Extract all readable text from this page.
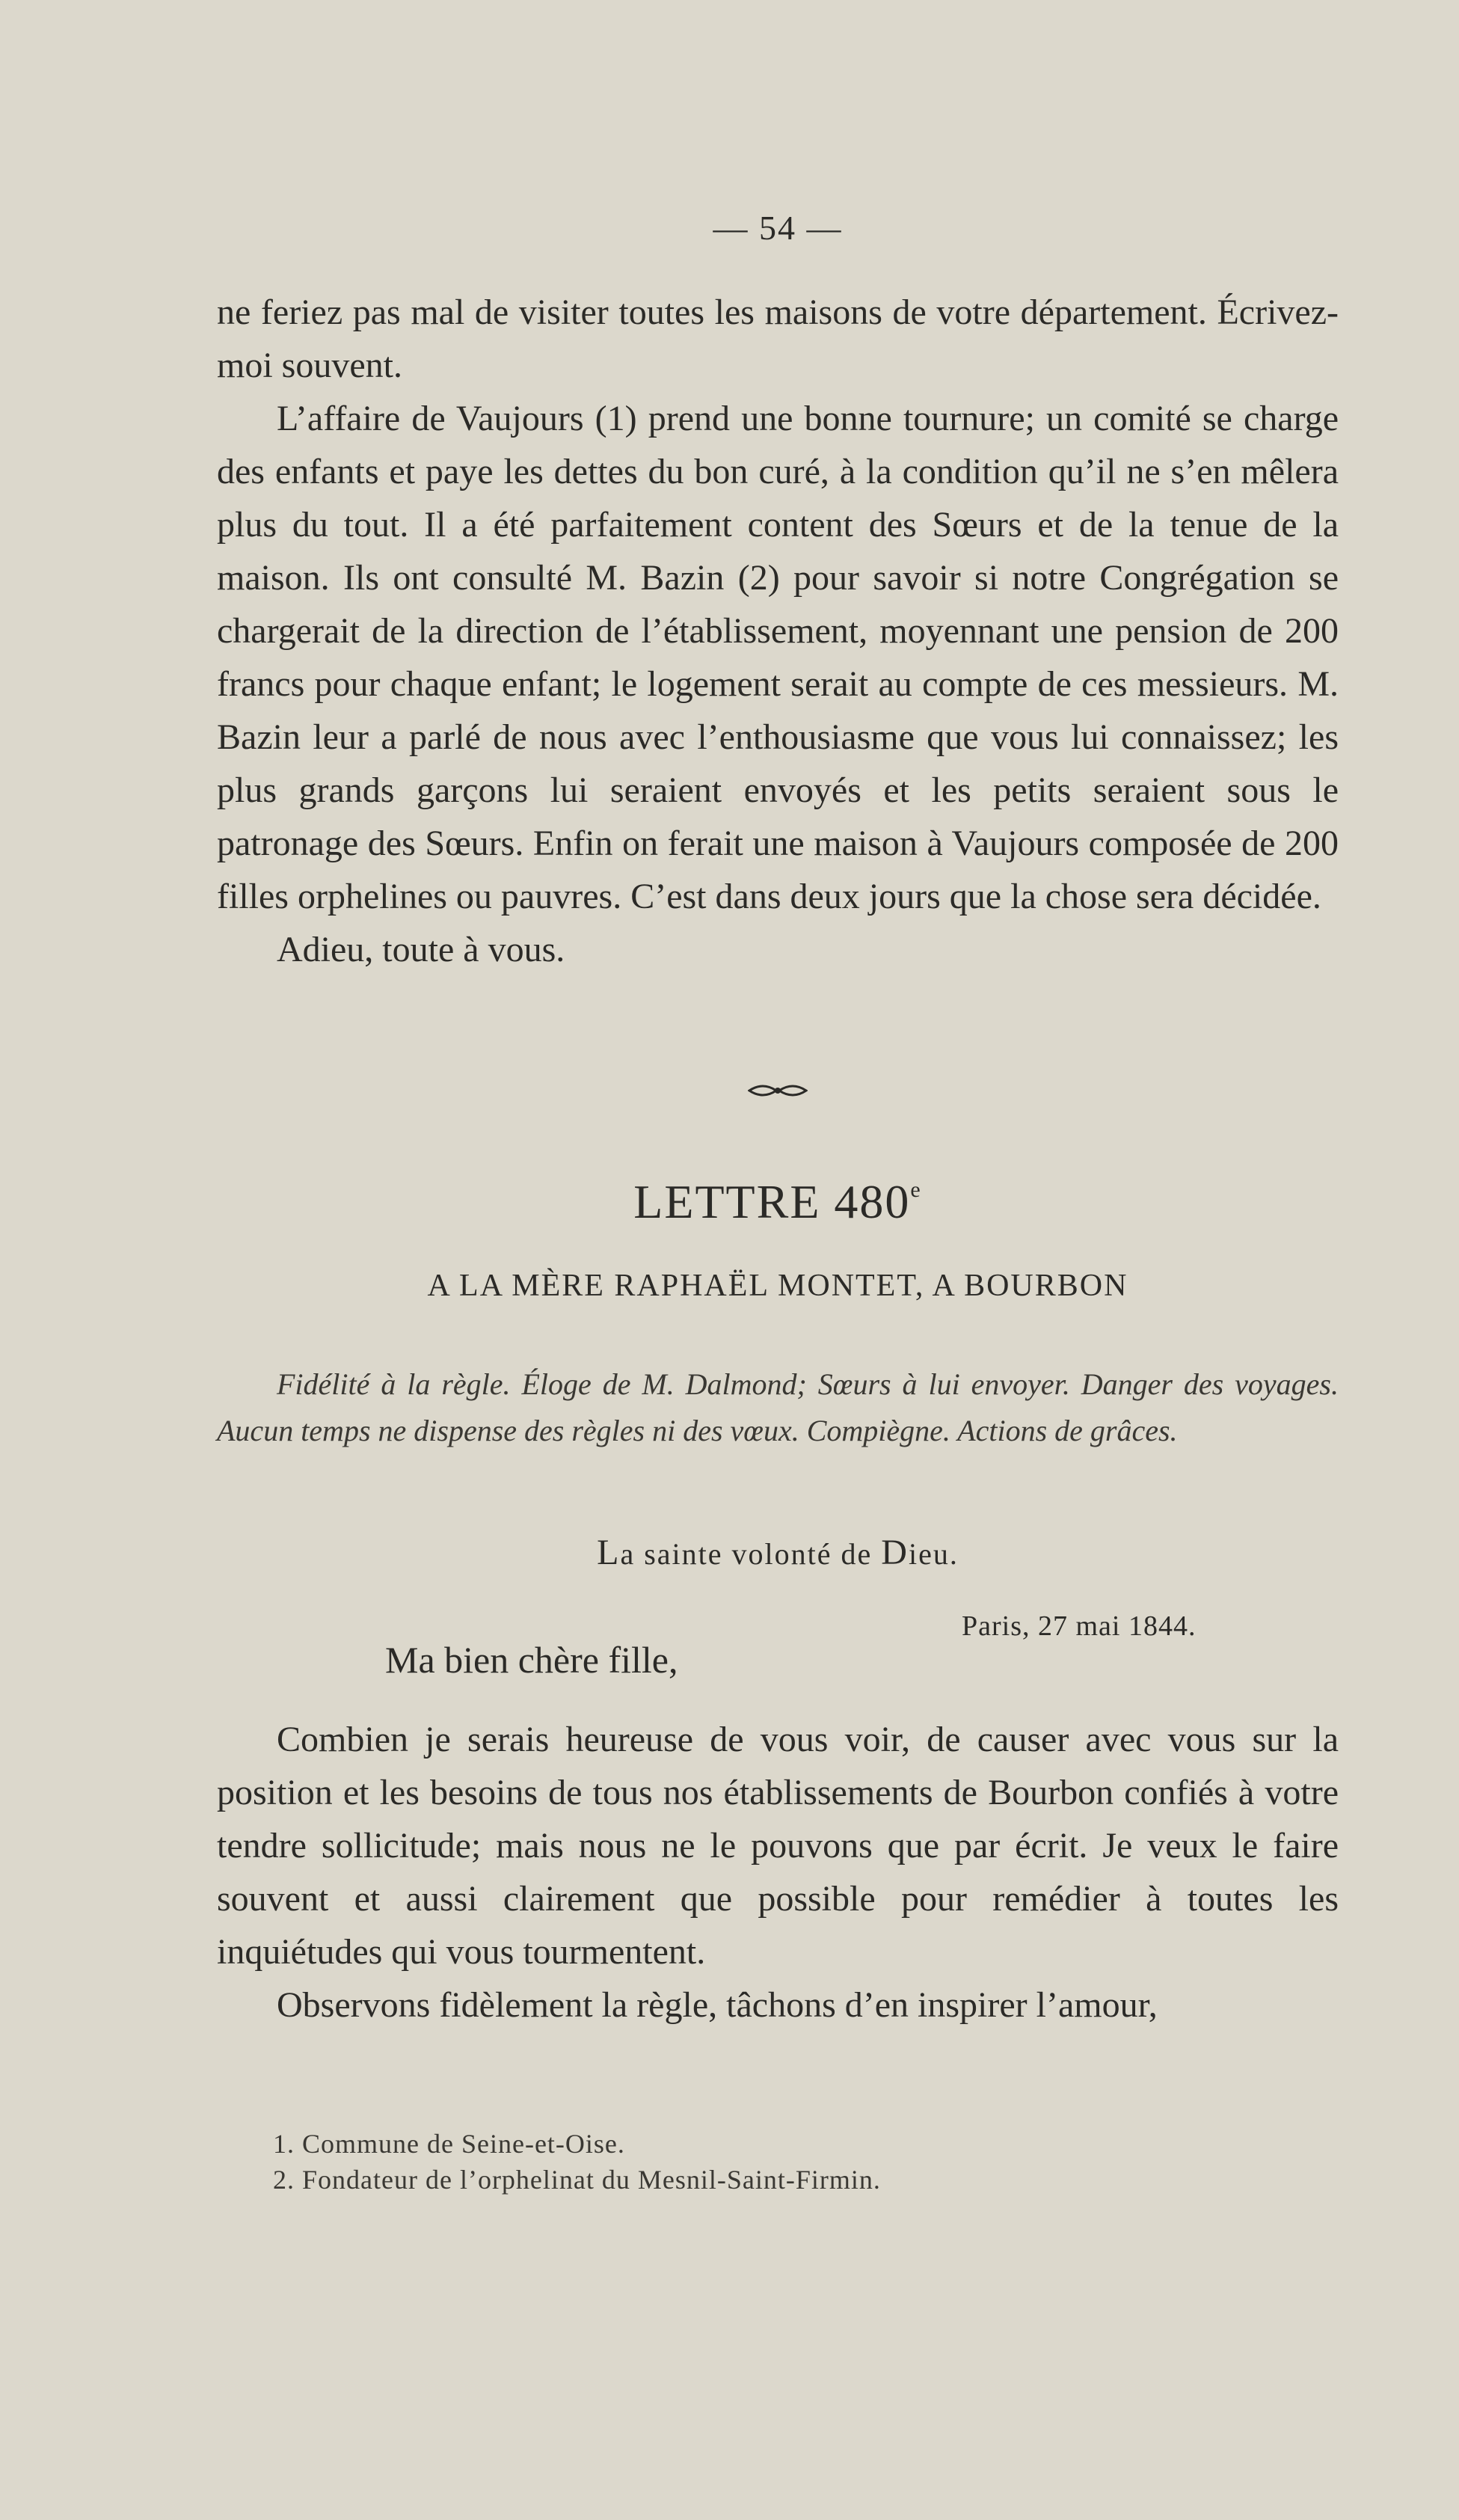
— 54 —

ne feriez pas mal de visiter toutes les maisons de votre département. Écrivez-moi souvent.

L’affaire de Vaujours (1) prend une bonne tournure; un comité se charge des enfants et paye les dettes du bon curé, à la condition qu’il ne s’en mêlera plus du tout. Il a été parfaitement content des Sœurs et de la tenue de la maison. Ils ont consulté M. Bazin (2) pour savoir si notre Congrégation se chargerait de la direction de l’établissement, moyennant une pension de 200 francs pour chaque enfant; le logement serait au compte de ces messieurs. M. Bazin leur a parlé de nous avec l’enthousiasme que vous lui connaissez; les plus grands garçons lui seraient envoyés et les petits seraient sous le patronage des Sœurs. Enfin on ferait une maison à Vaujours composée de 200 filles orphelines ou pauvres. C’est dans deux jours que la chose sera décidée.

Adieu, toute à vous.

LETTRE 480e
A LA MÈRE RAPHAËL MONTET, A BOURBON
Fidélité à la règle. Éloge de M. Dalmond; Sœurs à lui envoyer. Danger des voyages. Aucun temps ne dispense des règles ni des vœux. Compiègne. Actions de grâces.
La sainte volonté de Dieu.
Paris, 27 mai 1844.
Ma bien chère fille,

Combien je serais heureuse de vous voir, de causer avec vous sur la position et les besoins de tous nos établissements de Bourbon confiés à votre tendre sollicitude; mais nous ne le pouvons que par écrit. Je veux le faire souvent et aussi clairement que possible pour remédier à toutes les inquiétudes qui vous tourmentent.

Observons fidèlement la règle, tâchons d’en inspirer l’amour,

1. Commune de Seine-et-Oise.

2. Fondateur de l’orphelinat du Mesnil-Saint-Firmin.
